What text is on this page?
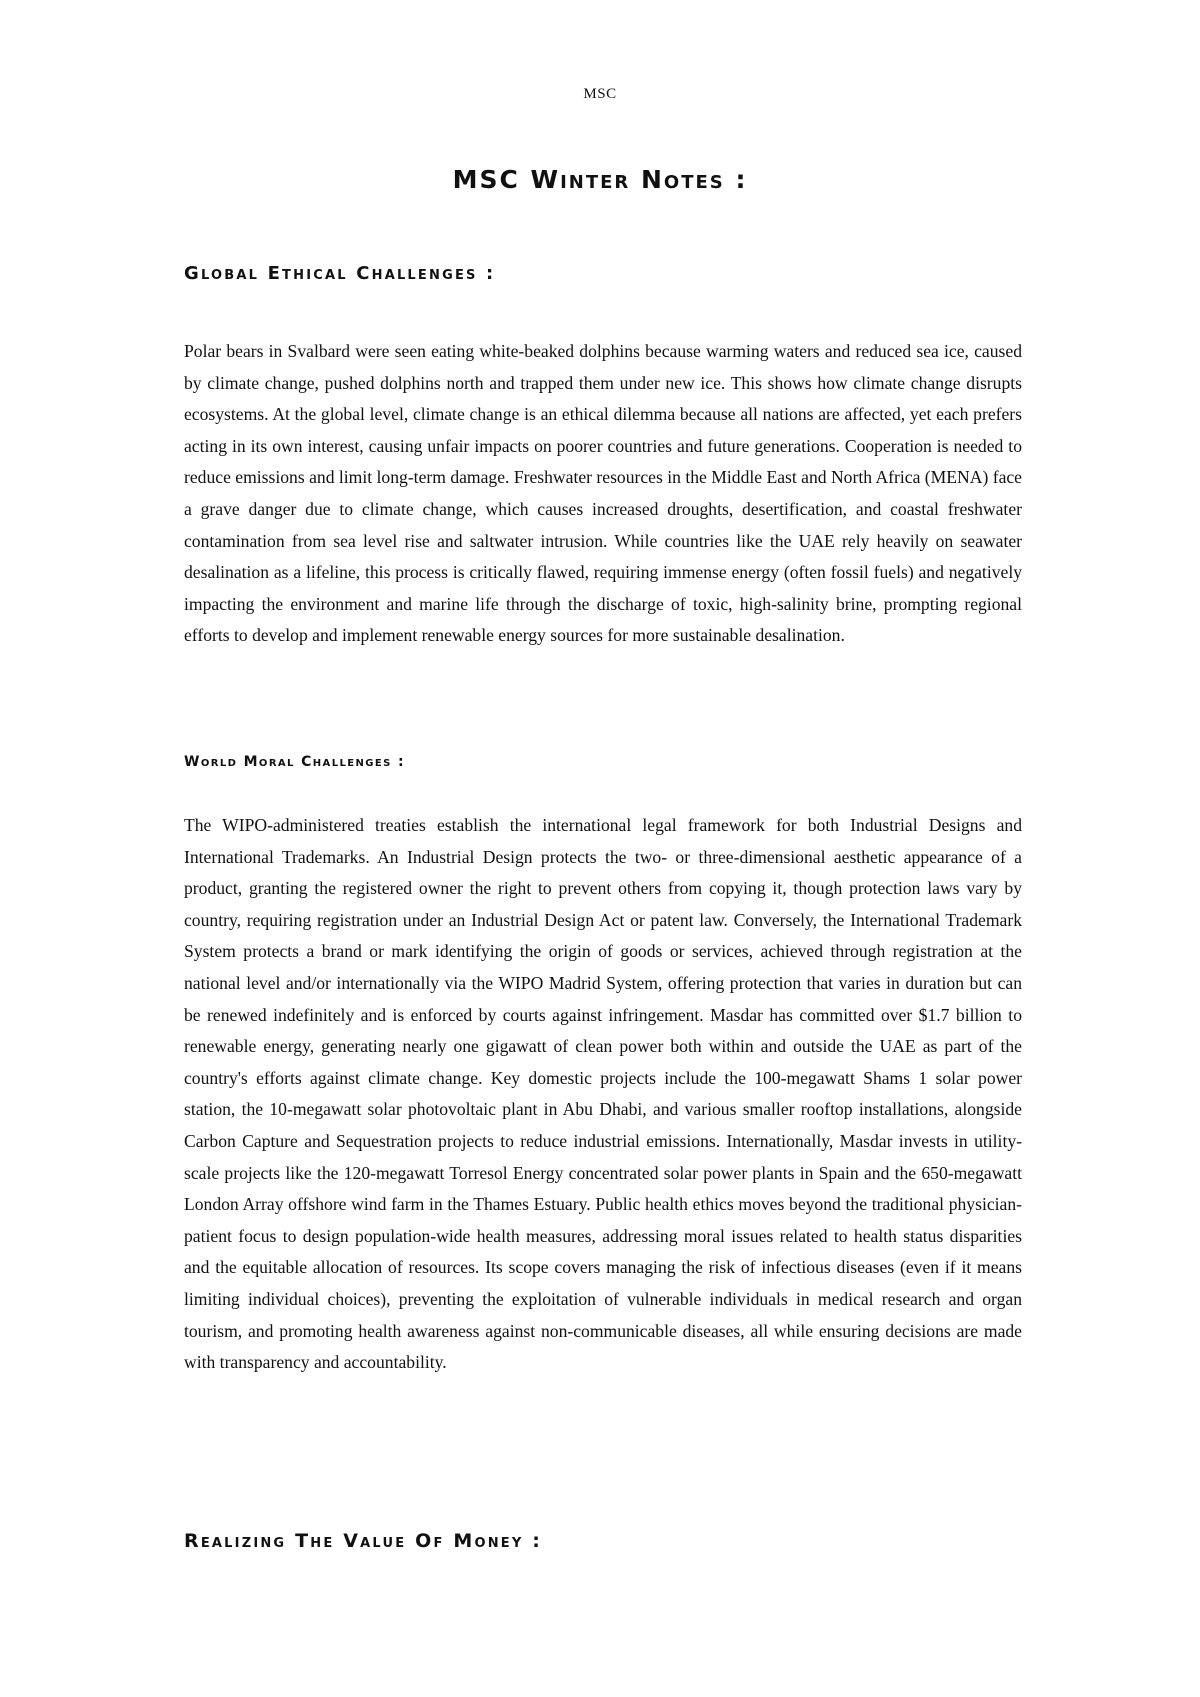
MSC
MSC Winter Notes :
Global Ethical Challenges :

Polar bears in Svalbard were seen eating white-beaked dolphins because warming waters and reduced sea ice, caused by climate change, pushed dolphins north and trapped them under new ice. This shows how climate change disrupts ecosystems. At the global level, climate change is an ethical dilemma because all nations are affected, yet each prefers acting in its own interest, causing unfair impacts on poorer countries and future generations. Cooperation is needed to reduce emissions and limit long-term damage. Freshwater resources in the Middle East and North Africa (MENA) face a grave danger due to climate change, which causes increased droughts, desertification, and coastal freshwater contamination from sea level rise and saltwater intrusion. While countries like the UAE rely heavily on seawater desalination as a lifeline, this process is critically flawed, requiring immense energy (often fossil fuels) and negatively impacting the environment and marine life through the discharge of toxic, high-salinity brine, prompting regional efforts to develop and implement renewable energy sources for more sustainable desalination.

World Moral Challenges :

The WIPO-administered treaties establish the international legal framework for both Industrial Designs and International Trademarks. An Industrial Design protects the two- or three-dimensional aesthetic appearance of a product, granting the registered owner the right to prevent others from copying it, though protection laws vary by country, requiring registration under an Industrial Design Act or patent law. Conversely, the International Trademark System protects a brand or mark identifying the origin of goods or services, achieved through registration at the national level and/or internationally via the WIPO Madrid System, offering protection that varies in duration but can be renewed indefinitely and is enforced by courts against infringement. Masdar has committed over $1.7 billion to renewable energy, generating nearly one gigawatt of clean power both within and outside the UAE as part of the country's efforts against climate change. Key domestic projects include the 100-megawatt Shams 1 solar power station, the 10-megawatt solar photovoltaic plant in Abu Dhabi, and various smaller rooftop installations, alongside Carbon Capture and Sequestration projects to reduce industrial emissions. Internationally, Masdar invests in utility-scale projects like the 120-megawatt Torresol Energy concentrated solar power plants in Spain and the 650-megawatt London Array offshore wind farm in the Thames Estuary. Public health ethics moves beyond the traditional physician-patient focus to design population-wide health measures, addressing moral issues related to health status disparities and the equitable allocation of resources. Its scope covers managing the risk of infectious diseases (even if it means limiting individual choices), preventing the exploitation of vulnerable individuals in medical research and organ tourism, and promoting health awareness against non-communicable diseases, all while ensuring decisions are made with transparency and accountability.

Realizing The Value Of Money :
